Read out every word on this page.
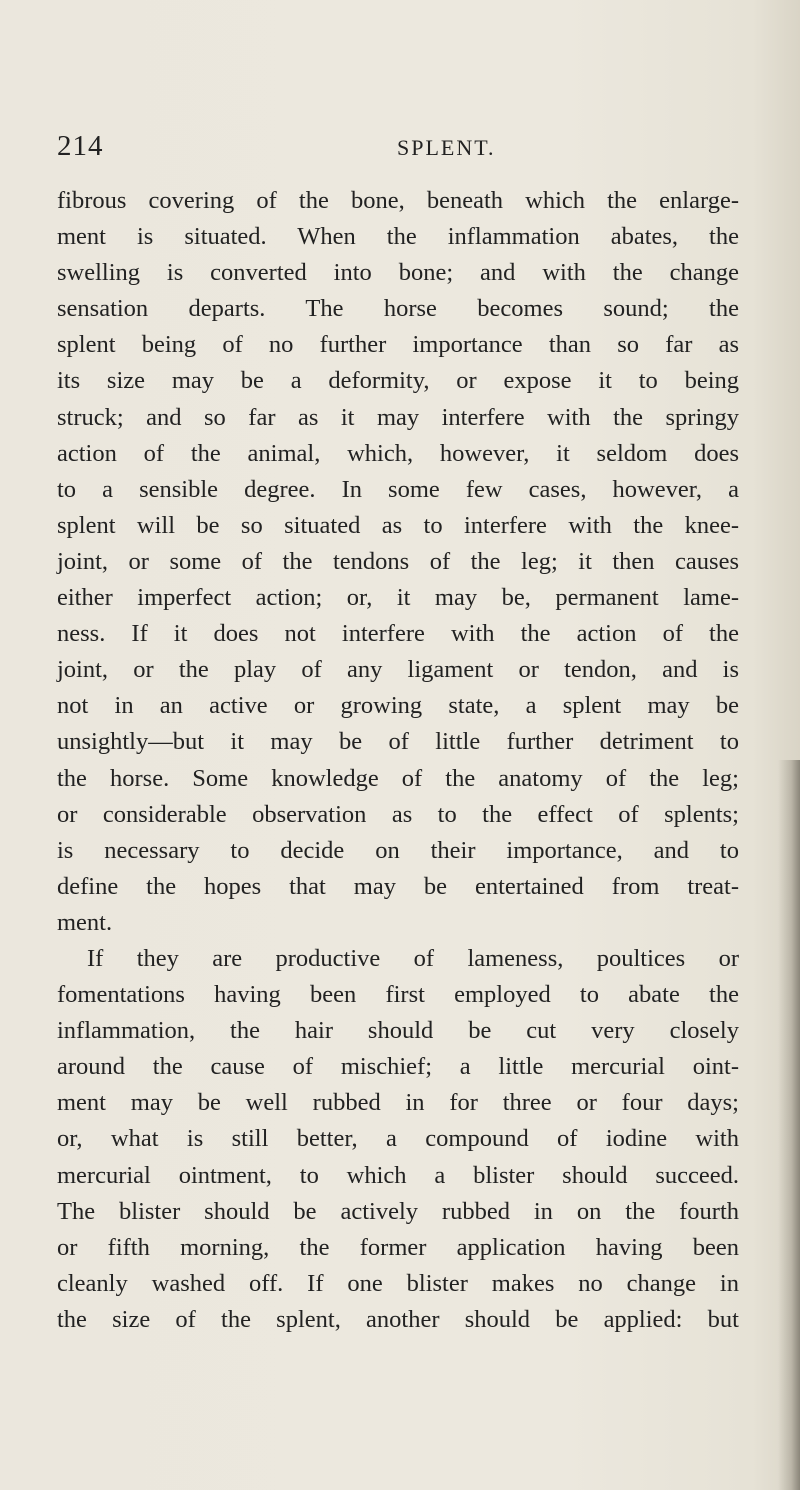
214	SPLENT.
fibrous covering of the bone, beneath which the enlarge-
ment is situated. When the inflammation abates, the
swelling is converted into bone; and with the change
sensation departs. The horse becomes sound; the
splent being of no further importance than so far as
its size may be a deformity, or expose it to being
struck; and so far as it may interfere with the springy
action of the animal, which, however, it seldom does
to a sensible degree. In some few cases, however, a
splent will be so situated as to interfere with the knee-
joint, or some of the tendons of the leg; it then causes
either imperfect action; or, it may be, permanent lame-
ness. If it does not interfere with the action of the
joint, or the play of any ligament or tendon, and is
not in an active or growing state, a splent may be
unsightly—but it may be of little further detriment to
the horse. Some knowledge of the anatomy of the leg;
or considerable observation as to the effect of splents;
is necessary to decide on their importance, and to
define the hopes that may be entertained from treat-
ment.
If they are productive of lameness, poultices or
fomentations having been first employed to abate the
inflammation, the hair should be cut very closely
around the cause of mischief; a little mercurial oint-
ment may be well rubbed in for three or four days;
or, what is still better, a compound of iodine with
mercurial ointment, to which a blister should succeed.
The blister should be actively rubbed in on the fourth
or fifth morning, the former application having been
cleanly washed off. If one blister makes no change in
the size of the splent, another should be applied: but
